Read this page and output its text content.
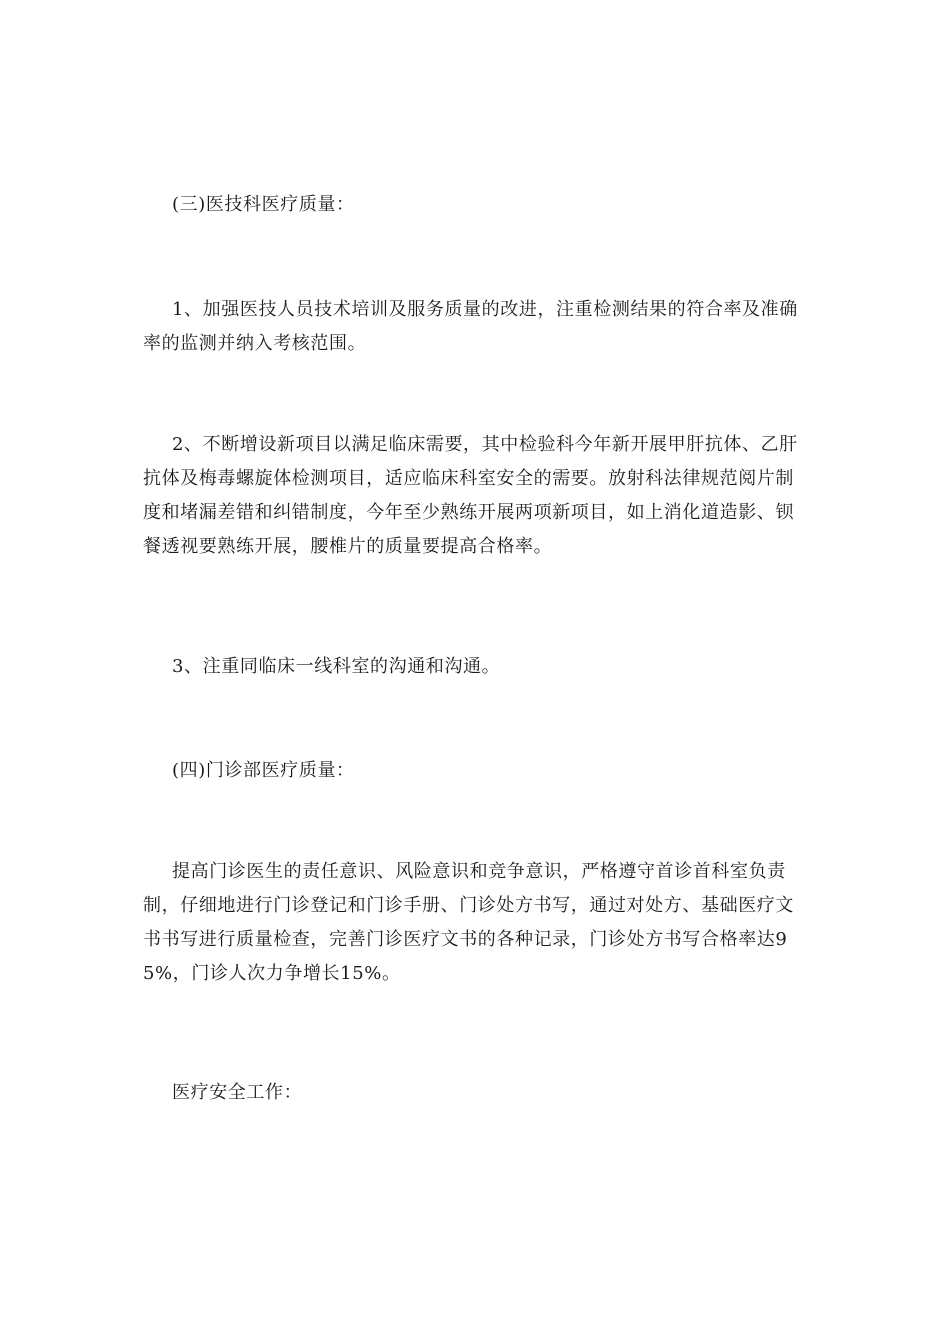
(三)医技科医疗质量：

1、加强医技人员技术培训及服务质量的改进，注重检测结果的符合率及准确率的监测并纳入考核范围。

2、不断增设新项目以满足临床需要，其中检验科今年新开展甲肝抗体、乙肝抗体及梅毒螺旋体检测项目，适应临床科室安全的需要。放射科法律规范阅片制度和堵漏差错和纠错制度，今年至少熟练开展两项新项目，如上消化道造影、钡餐透视要熟练开展，腰椎片的质量要提高合格率。

3、注重同临床一线科室的沟通和沟通。

(四)门诊部医疗质量：

提高门诊医生的责任意识、风险意识和竞争意识，严格遵守首诊首科室负责制，仔细地进行门诊登记和门诊手册、门诊处方书写，通过对处方、基础医疗文书书写进行质量检查，完善门诊医疗文书的各种记录，门诊处方书写合格率达95%，门诊人次力争增长15%。

医疗安全工作：
